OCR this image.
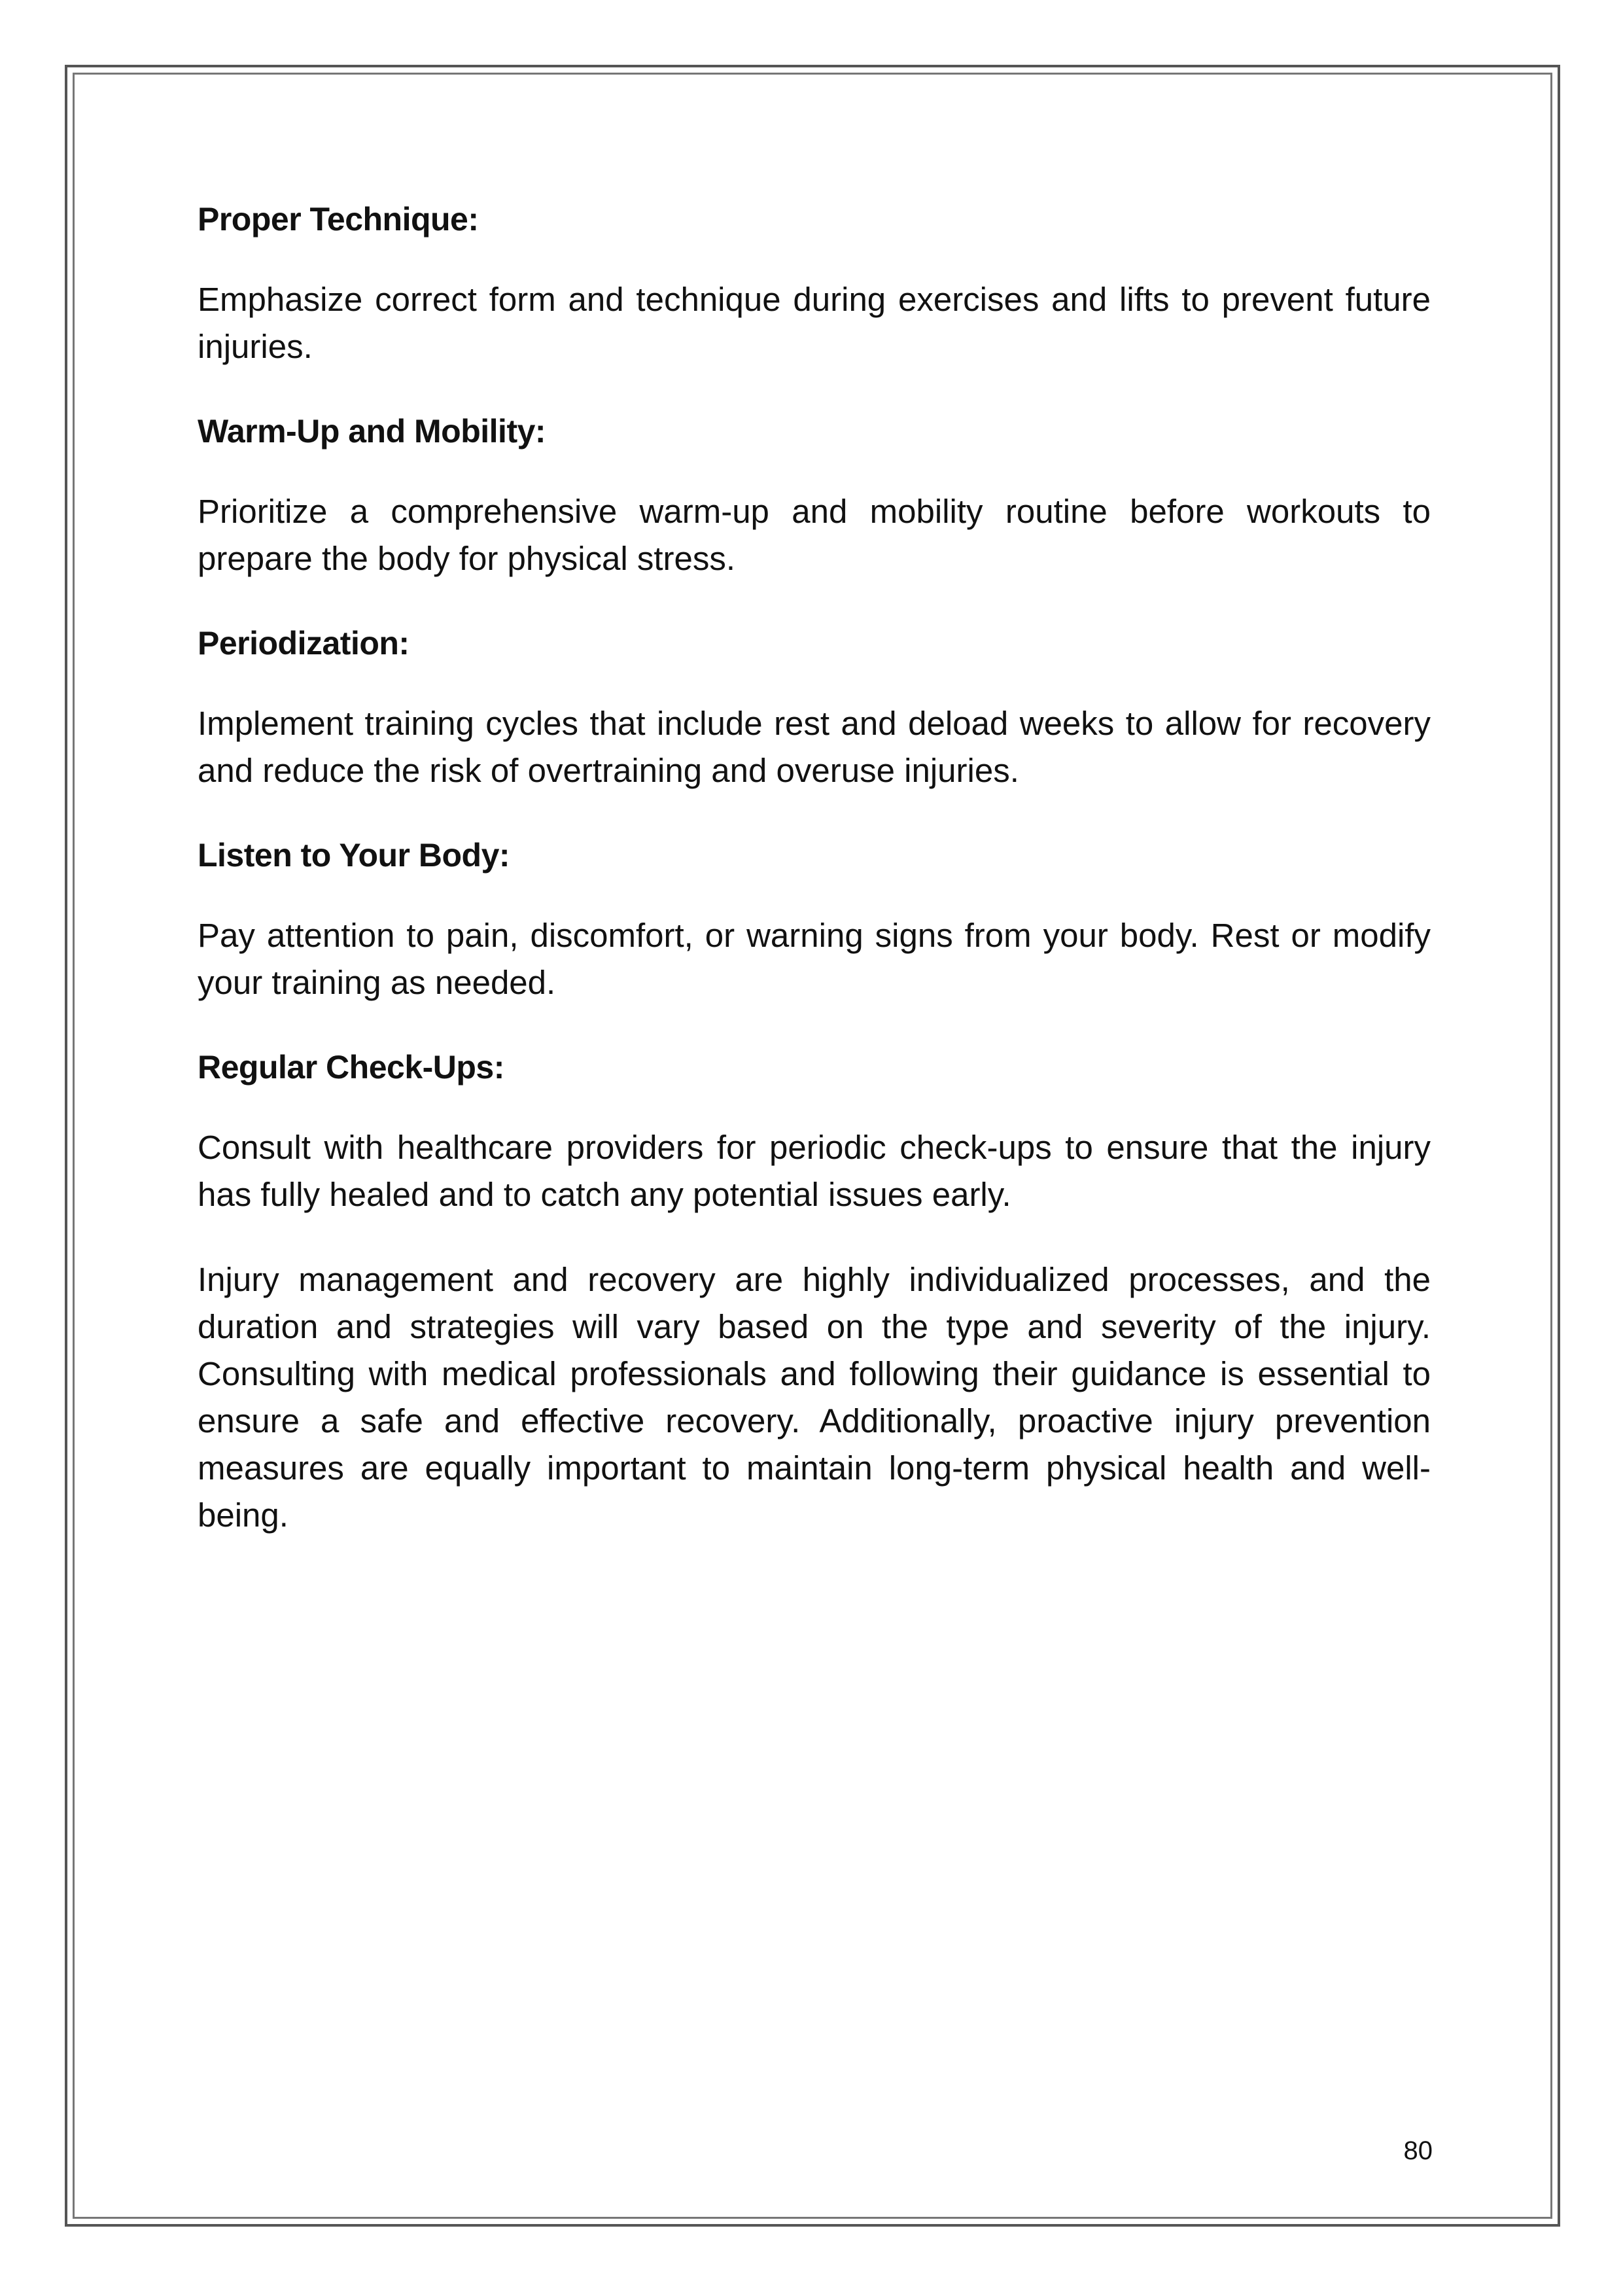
Proper Technique:

Emphasize correct form and technique during exercises and lifts to prevent future injuries.

Warm-Up and Mobility:

Prioritize a comprehensive warm-up and mobility routine before workouts to prepare the body for physical stress.

Periodization:

Implement training cycles that include rest and deload weeks to allow for recovery and reduce the risk of overtraining and overuse injuries.

Listen to Your Body:

Pay attention to pain, discomfort, or warning signs from your body. Rest or modify your training as needed.

Regular Check-Ups:

Consult with healthcare providers for periodic check-ups to ensure that the injury has fully healed and to catch any potential issues early.

Injury management and recovery are highly individualized processes, and the duration and strategies will vary based on the type and severity of the injury. Consulting with medical professionals and following their guidance is essential to ensure a safe and effective recovery. Additionally, proactive injury prevention measures are equally important to maintain long-term physical health and well-being.

80
